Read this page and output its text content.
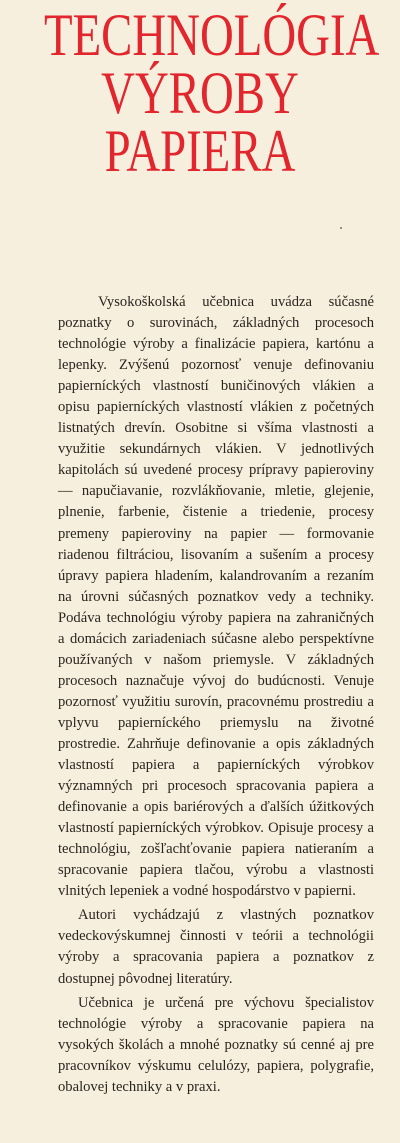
TECHNOLÓGIA
VÝROBY
PAPIERA

Vysokoškolská učebnica uvádza súčasné poznatky o surovinách, základných procesoch technológie výroby a finalizácie papiera, kartónu a lepenky. Zvýšenú pozornosť venuje definovaniu papierníckých vlastností buničinových vlákien a opisu papierníckých vlastností vlákien z početných listnatých drevín. Osobitne si všíma vlastnosti a využitie sekundárnych vlákien. V jednotlivých kapitolách sú uvedené procesy prípravy papieroviny — napučiavanie, rozvlákňovanie, mletie, glejenie, plnenie, farbenie, čistenie a triedenie, procesy premeny papieroviny na papier — formovanie riadenou filtráciou, lisovaním a sušením a procesy úpravy papiera hladením, kalandrovaním a rezaním na úrovni súčasných poznatkov vedy a techniky. Podáva technológiu výroby papiera na zahraničných a domácich zariadeniach súčasne alebo perspektívne používaných v našom priemysle. V základných procesoch naznačuje vývoj do budúcnosti. Venuje pozornosť využitiu surovín, pracovnému prostrediu a vplyvu papierníckého priemyslu na životné prostredie. Zahrňuje definovanie a opis základných vlastností papiera a papierníckých výrobkov významných pri procesoch spracovania papiera a definovanie a opis bariérových a ďalších úžitkových vlastností papierníckých výrobkov. Opisuje procesy a technológiu, zošľachťovanie papiera natieraním a spracovanie papiera tlačou, výrobu a vlastnosti vlnitých lepeniek a vodné hospodárstvo v papierni.

Autori vychádzajú z vlastných poznatkov vedeckovýskumnej činnosti v teórii a technológii výroby a spracovania papiera a poznatkov z dostupnej pôvodnej literatúry.

Učebnica je určená pre výchovu špecialistov technológie výroby a spracovanie papiera na vysokých školách a mnohé poznatky sú cenné aj pre pracovníkov výskumu celulózy, papiera, polygrafie, obalovej techniky a v praxi.
